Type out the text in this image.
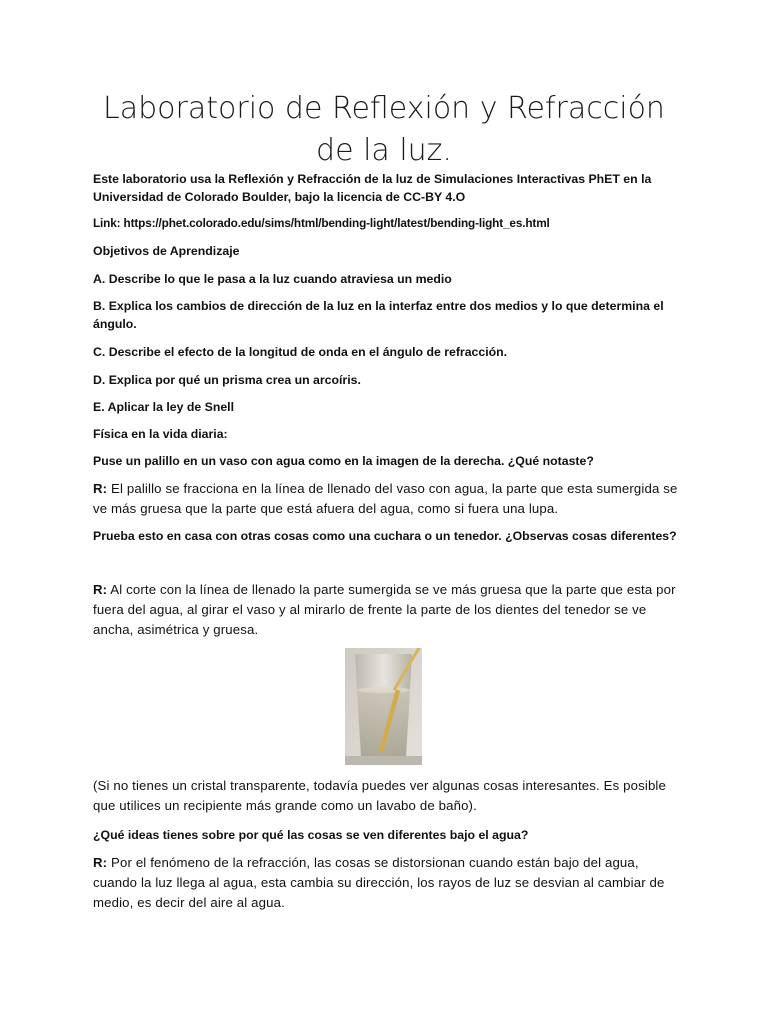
Laboratorio de Reflexión y Refracción de la luz.

Este laboratorio usa la Reflexión y Refracción de la luz de Simulaciones Interactivas PhET en la Universidad de Colorado Boulder, bajo la licencia de CC-BY 4.O

Link: https://phet.colorado.edu/sims/html/bending-light/latest/bending-light_es.html

Objetivos de Aprendizaje

A. Describe lo que le pasa a la luz cuando atraviesa un medio

B. Explica los cambios de dirección de la luz en la interfaz entre dos medios y lo que determina el ángulo.

C. Describe el efecto de la longitud de onda en el ángulo de refracción.

D. Explica por qué un prisma crea un arcoíris.

E. Aplicar la ley de Snell

Física en la vida diaria:

Puse un palillo en un vaso con agua como en la imagen de la derecha. ¿Qué notaste?

R: El palillo se fracciona en la línea de llenado del vaso con agua, la parte que esta sumergida se ve más gruesa que la parte que está afuera del agua, como si fuera una lupa.

Prueba esto en casa con otras cosas como una cuchara o un tenedor. ¿Observas cosas diferentes?

R: Al corte con la línea de llenado la parte sumergida se ve más gruesa que la parte que esta por fuera del agua, al girar el vaso y al mirarlo de frente la parte de los dientes del tenedor se ve ancha, asimétrica y gruesa.

(Si no tienes un cristal transparente, todavía puedes ver algunas cosas interesantes. Es posible que utilices un recipiente más grande como un lavabo de baño).

¿Qué ideas tienes sobre por qué las cosas se ven diferentes bajo el agua?

R: Por el fenómeno de la refracción, las cosas se distorsionan cuando están bajo del agua, cuando la luz llega al agua, esta cambia su dirección, los rayos de luz se desvian al cambiar de medio, es decir del aire al agua.
